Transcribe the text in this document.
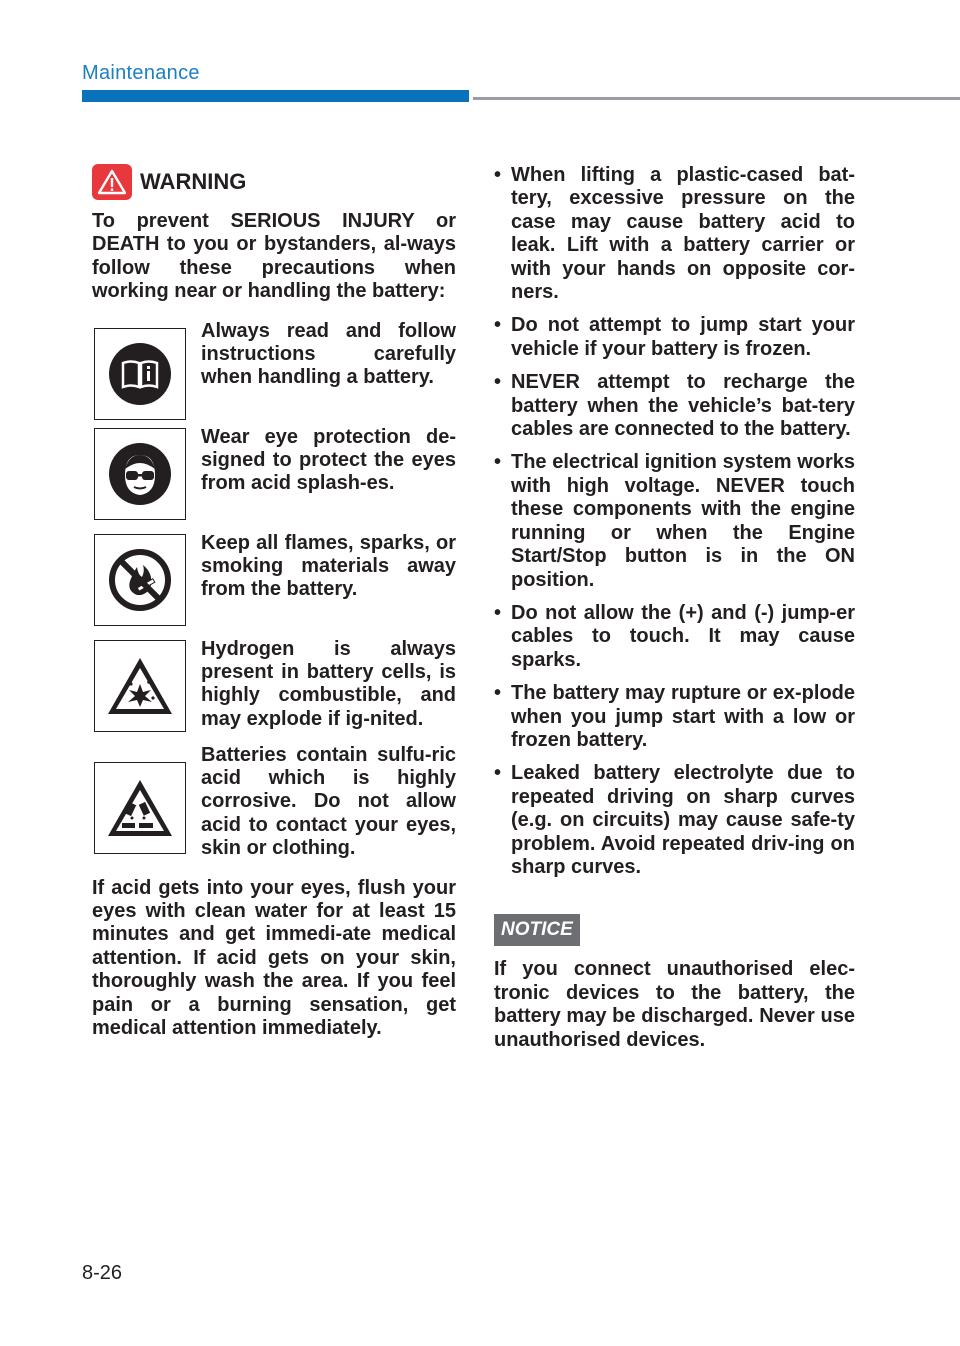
Maintenance
WARNING

To prevent SERIOUS INJURY or DEATH to you or bystanders, al-ways follow these precautions when working near or handling the battery:

Always read and follow instructions carefully when handling a battery.

Wear eye protection de-signed to protect the eyes from acid splash-es.

Keep all flames, sparks, or smoking materials away from the battery.

Hydrogen is always present in battery cells, is highly combustible, and may explode if ig-nited.

Batteries contain sulfu-ric acid which is highly corrosive. Do not allow acid to contact your eyes, skin or clothing.

If acid gets into your eyes, flush your eyes with clean water for at least 15 minutes and get immedi-ate medical attention. If acid gets on your skin, thoroughly wash the area. If you feel pain or a burning sensation, get medical attention immediately.

• When lifting a plastic-cased bat-tery, excessive pressure on the case may cause battery acid to leak. Lift with a battery carrier or with your hands on opposite cor-ners.

• Do not attempt to jump start your vehicle if your battery is frozen.

• NEVER attempt to recharge the battery when the vehicle’s bat-tery cables are connected to the battery.

• The electrical ignition system works with high voltage. NEVER touch these components with the engine running or when the Engine Start/Stop button is in the ON position.

• Do not allow the (+) and (-) jump-er cables to touch. It may cause sparks.

• The battery may rupture or ex-plode when you jump start with a low or frozen battery.

• Leaked battery electrolyte due to repeated driving on sharp curves (e.g. on circuits) may cause safe-ty problem. Avoid repeated driv-ing on sharp curves.

NOTICE

If you connect unauthorised elec-tronic devices to the battery, the battery may be discharged. Never use unauthorised devices.

8-26
